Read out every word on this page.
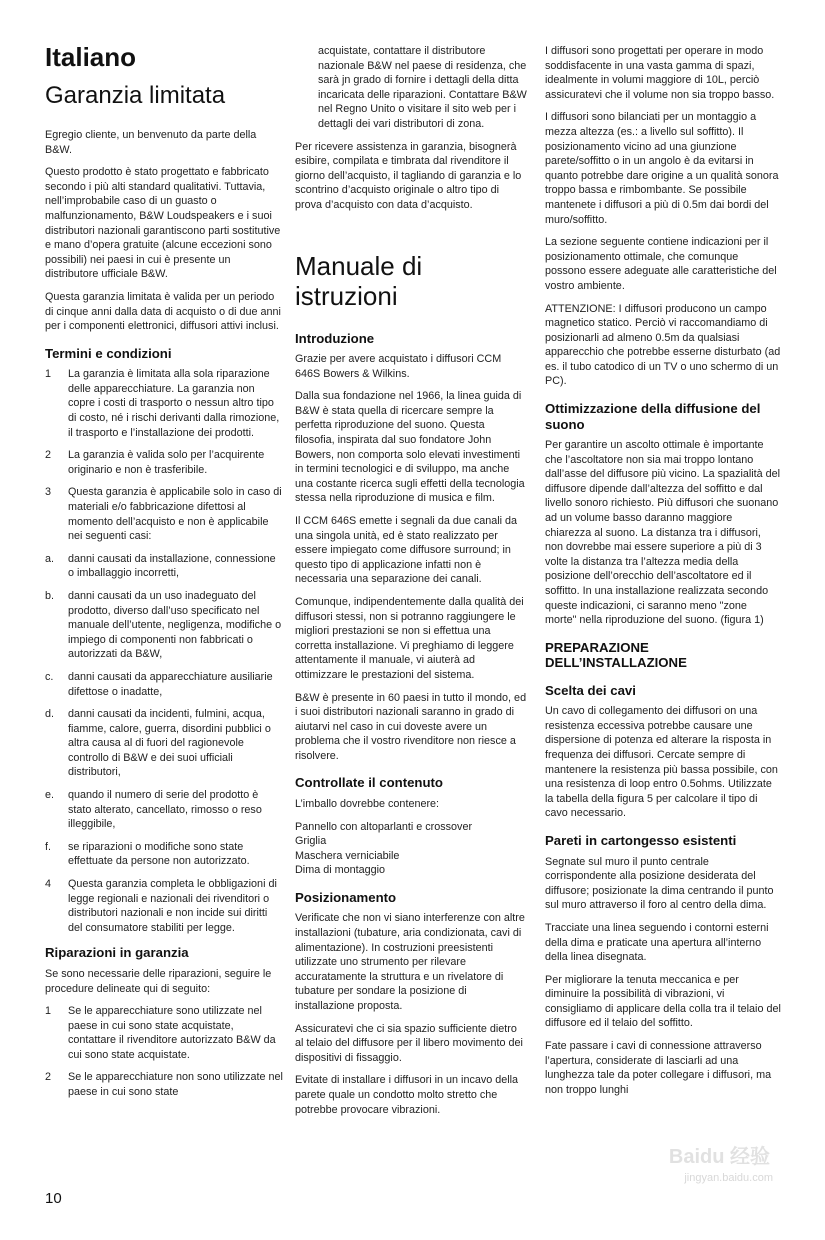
Italiano
Garanzia limitata

Egregio cliente, un benvenuto da parte della B&W.

Questo prodotto è stato progettato e fabbricato secondo i più alti standard qualitativi. Tuttavia, nell’improbabile caso di un guasto o malfunzionamento, B&W Loudspeakers e i suoi distributori nazionali garantiscono parti sostitutive e mano d’opera gratuite (alcune eccezioni sono possibili) nei paesi in cui è presente un distributore ufficiale B&W.

Questa garanzia limitata è valida per un periodo di cinque anni dalla data di acquisto o di due anni per i componenti elettronici, diffusori attivi inclusi.

Termini e condizioni
1	La garanzia è limitata alla sola riparazione delle apparecchiature. La garanzia non copre i costi di trasporto o nessun altro tipo di costo, né i rischi derivanti dalla rimozione, il trasporto e l’installazione dei prodotti.
2	La garanzia è valida solo per l’acquirente originario e non è trasferibile.
3	Questa garanzia è applicabile solo in caso di materiali e/o fabbricazione difettosi al momento dell’acquisto e non è applicabile nei seguenti casi:
a.	danni causati da installazione, connessione o imballaggio incorretti,
b.	danni causati da un uso inadeguato del prodotto, diverso dall’uso specificato nel manuale dell’utente, negligenza, modifiche o impiego di componenti non fabbricati o autorizzati da B&W,
c.	danni causati da apparecchiature ausiliarie difettose o inadatte,
d.	danni causati da incidenti, fulmini, acqua, fiamme, calore, guerra, disordini pubblici o altra causa al di fuori del ragionevole controllo di B&W e dei suoi ufficiali distributori,
e.	quando il numero di serie del prodotto è stato alterato, cancellato, rimosso o reso illeggibile,
f.	se riparazioni o modifiche sono state effettuate da persone non autorizzato.
4	Questa garanzia completa le obbligazioni di legge regionali e nazionali dei rivenditori o distributori nazionali e non incide sui diritti del consumatore stabiliti per legge.
Riparazioni in garanzia

Se sono necessarie delle riparazioni, seguire le procedure delineate qui di seguito:

1	Se le apparecchiature sono utilizzate nel paese in cui sono state acquistate, contattare il rivenditore autorizzato B&W da cui sono state acquistate.
2	Se le apparecchiature non sono utilizzate nel paese in cui sono state

acquistate, contattare il distributore nazionale B&W nel paese di residenza, che sarà jn grado di fornire i dettagli della ditta incaricata delle riparazioni. Contattare B&W nel Regno Unito o visitare il sito web per i dettagli dei vari distributori di zona.

Per ricevere assistenza in garanzia, bisognerà esibire, compilata e timbrata dal rivenditore il giorno dell’acquisto, il tagliando di garanzia e lo scontrino d’acquisto originale o altro tipo di prova d’acquisto con data d’acquisto.

Manuale di istruzioni
Introduzione

Grazie per avere acquistato i diffusori CCM 646S Bowers & Wilkins.

Dalla sua fondazione nel 1966, la linea guida di B&W è stata quella di ricercare sempre la perfetta riproduzione del suono. Questa filosofia, inspirata dal suo fondatore John Bowers, non comporta solo elevati investimenti in termini tecnologici e di sviluppo, ma anche una costante ricerca sugli effetti della tecnologia stessa nella riproduzione di musica e film.

Il CCM 646S emette i segnali da due canali da una singola unità, ed è stato realizzato per essere impiegato come diffusore surround; in questo tipo di applicazione infatti non è necessaria una separazione dei canali.

Comunque, indipendentemente dalla qualità dei diffusori stessi, non si potranno raggiungere le migliori prestazioni se non si effettua una corretta installazione. Vi preghiamo di leggere attentamente il manuale, vi aiuterà ad ottimizzare le prestazioni del sistema.

B&W è presente in 60 paesi in tutto il mondo, ed i suoi distributori nazionali saranno in grado di aiutarvi nel caso in cui doveste avere un problema che il vostro rivenditore non riesce a risolvere.

Controllate il contenuto

L’imballo dovrebbe contenere:

Pannello con altoparlanti e crossover

Griglia

Maschera verniciabile

Dima di montaggio

Posizionamento

Verificate che non vi siano interferenze con altre installazioni (tubature, aria condizionata, cavi di alimentazione). In costruzioni preesistenti utilizzate uno strumento per rilevare accuratamente la struttura e un rivelatore di tubature per sondare la posizione di installazione proposta.

Assicuratevi che ci sia spazio sufficiente dietro al telaio del diffusore per il libero movimento dei dispositivi di fissaggio.

Evitate di installare i diffusori in un incavo della parete quale un condotto molto stretto che potrebbe provocare vibrazioni.

I diffusori sono progettati per operare in modo soddisfacente in una vasta gamma di spazi, idealmente in volumi maggiore di 10L, perciò assicuratevi che il volume non sia troppo basso.

I diffusori sono bilanciati per un montaggio a mezza altezza (es.: a livello sul soffitto). Il posizionamento vicino ad una giunzione parete/soffitto o in un angolo è da evitarsi in quanto potrebbe dare origine a un qualità sonora troppo bassa e rimbombante. Se possibile mantenete i diffusori a più di 0.5m dai bordi del muro/soffitto.

La sezione seguente contiene indicazioni per il posizionamento ottimale, che comunque possono essere adeguate alle caratteristiche del vostro ambiente.

ATTENZIONE: I diffusori producono un campo magnetico statico. Perciò vi raccomandiamo di posizionarli ad almeno 0.5m da qualsiasi apparecchio che potrebbe esserne disturbato (ad es. il tubo catodico di un TV o uno schermo di un PC).

Ottimizzazione della diffusione del suono

Per garantire un ascolto ottimale è importante che l’ascoltatore non sia mai troppo lontano dall’asse del diffusore più vicino. La spazialità del diffusore dipende dall’altezza del soffitto e dal livello sonoro richiesto. Più diffusori che suonano ad un volume basso daranno maggiore chiarezza al suono. La distanza tra i diffusori, non dovrebbe mai essere superiore a più di 3 volte la distanza tra l’altezza media della posizione dell’orecchio dell’ascoltatore ed il soffitto. In una installazione realizzata secondo queste indicazioni, ci saranno meno "zone morte" nella riproduzione del suono. (figura 1)

PREPARAZIONE DELL’INSTALLAZIONE
Scelta dei cavi

Un cavo di collegamento dei diffusori on una resistenza eccessiva potrebbe causare une dispersione di potenza ed alterare la risposta in frequenza dei diffusori. Cercate sempre di mantenere la resistenza più bassa possibile, con una resistenza di loop entro 0.5ohms. Utilizzate la tabella della figura 5 per calcolare il tipo di cavo necessario.

Pareti in cartongesso esistenti

Segnate sul muro il punto centrale corrispondente alla posizione desiderata del diffusore; posizionate la dima centrando il punto sul muro attraverso il foro al centro della dima.

Tracciate una linea seguendo i contorni esterni della dima e praticate una apertura all’interno della linea disegnata.

Per migliorare la tenuta meccanica e per diminuire la possibilità di vibrazioni, vi consigliamo di applicare della colla tra il telaio del diffusore ed il telaio del soffitto.

Fate passare i cavi di connessione attraverso l’apertura, considerate di lasciarli ad una lunghezza tale da poter collegare i diffusori, ma non troppo lunghi

10
Baidu 经验
jingyan.baidu.com
